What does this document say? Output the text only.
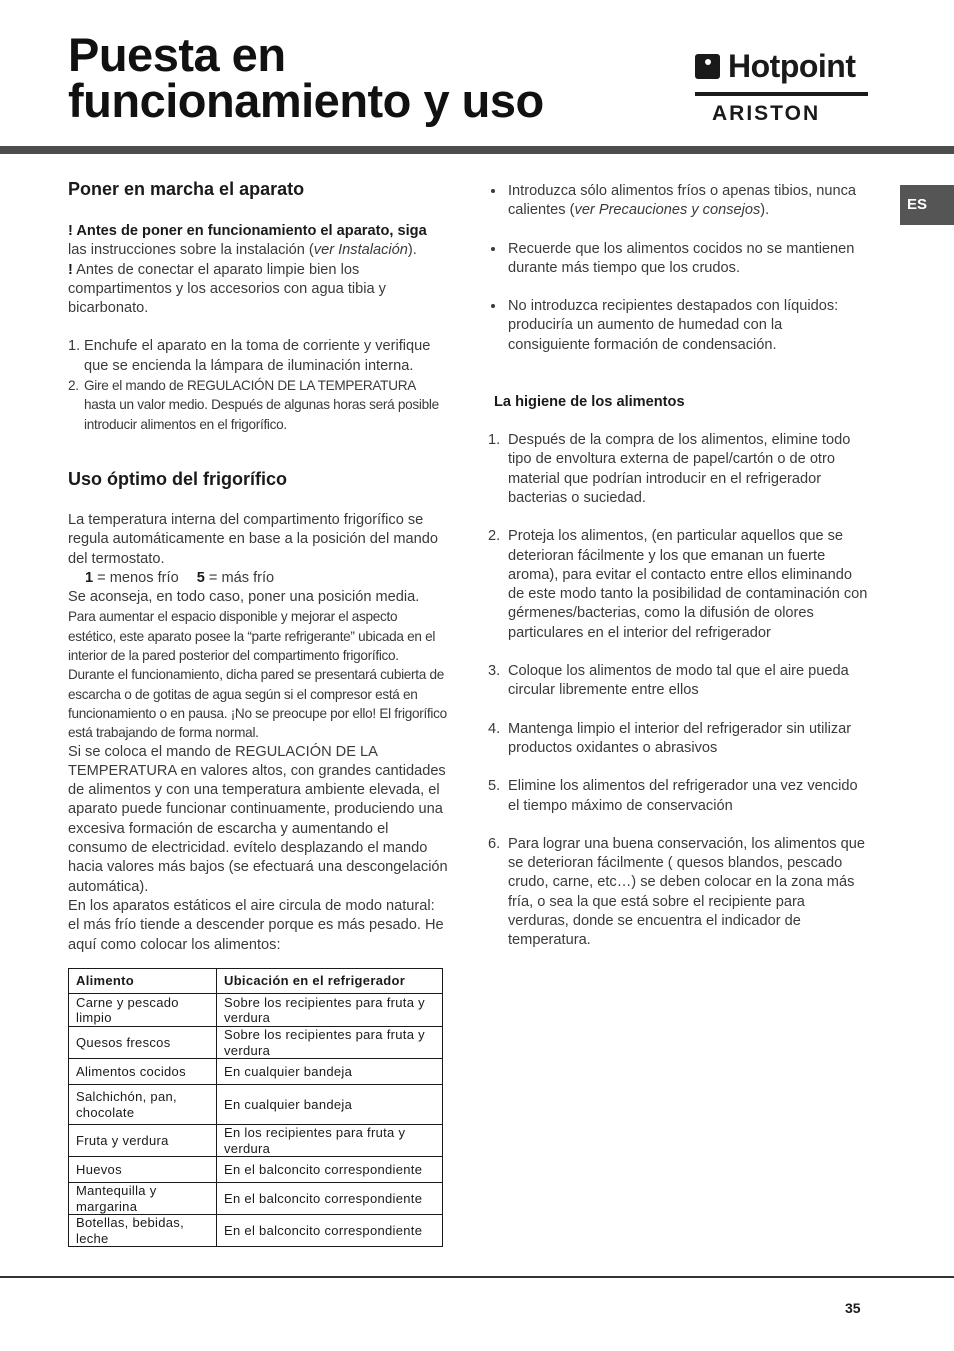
Puesta en
funcionamiento y uso
Hotpoint
ARISTON
ES
Poner en marcha el aparato

! Antes de poner en funcionamiento el aparato, siga
las instrucciones sobre la instalación (ver Instalación).

! Antes de conectar el aparato limpie bien los compartimentos y los accesorios con agua tibia y bicarbonato.

1. Enchufe el aparato en la toma de corriente y verifique que se encienda la lámpara de iluminación interna.
2. Gire el mando de REGULACIÓN DE LA TEMPERATURA hasta un valor medio. Después de algunas horas será posible introducir alimentos en el frigorífico.
Uso óptimo del frigorífico

La temperatura interna del compartimento frigorífico se regula automáticamente en base a la posición del mando del termostato.

1 = menos frío 5 = más frío

Se aconseja, en todo caso, poner una posición media.

Para aumentar el espacio disponible y mejorar el aspecto estético, este aparato posee la “parte refrigerante” ubicada en el interior de la pared posterior del compartimento frigorífico. Durante el funcionamiento, dicha pared se presentará cubierta de escarcha o de gotitas de agua según si el compresor está en funcionamiento o en pausa. ¡No se preocupe por ello! El frigorífico está trabajando de forma normal.

Si se coloca el mando de REGULACIÓN DE LA TEMPERATURA en valores altos, con grandes cantidades de alimentos y con una temperatura ambiente elevada, el aparato puede funcionar continuamente, produciendo una excesiva formación de escarcha y aumentando el consumo de electricidad. evítelo desplazando el mando hacia valores más bajos (se efectuará una descongelación automática).

En los aparatos estáticos el aire circula de modo natural: el más frío tiende a descender porque es más pesado. He aquí como colocar los alimentos:

Alimento	Ubicación en el refrigerador
Carne y pescado limpio	Sobre los recipientes para fruta y verdura
Quesos frescos	Sobre los recipientes para fruta y verdura
Alimentos cocidos	En cualquier bandeja
Salchichón, pan, chocolate	En cualquier bandeja
Fruta y verdura	En los recipientes para fruta y verdura
Huevos	En el balconcito correspondiente
Mantequilla y margarina	En el balconcito correspondiente
Botellas, bebidas, leche	En el balconcito correspondiente
Introduzca sólo alimentos fríos o apenas tibios, nunca calientes (ver Precauciones y consejos).
Recuerde que los alimentos cocidos no se mantienen durante más tiempo que los crudos.
No introduzca recipientes destapados con líquidos: produciría un aumento de humedad con la consiguiente formación de condensación.
La higiene de los alimentos
1. Después de la compra de los alimentos, elimine todo tipo de envoltura externa de papel/cartón o de otro material que podrían introducir en el refrigerador bacterias o suciedad.
2. Proteja los alimentos, (en particular aquellos que se deterioran fácilmente y los que emanan un fuerte aroma), para evitar el contacto entre ellos eliminando de este modo tanto la posibilidad de contaminación con gérmenes/bacterias, como la difusión de olores particulares en el interior del refrigerador
3. Coloque los alimentos de modo tal que el aire pueda circular libremente entre ellos
4. Mantenga limpio el interior del refrigerador sin utilizar productos oxidantes o abrasivos
5. Elimine los alimentos del refrigerador una vez vencido el tiempo máximo de conservación
6. Para lograr una buena conservación, los alimentos que se deterioran fácilmente ( quesos blandos, pescado crudo, carne, etc…) se deben colocar en la zona más fría, o sea la que está sobre el recipiente para verduras, donde se encuentra el indicador de temperatura.
35
